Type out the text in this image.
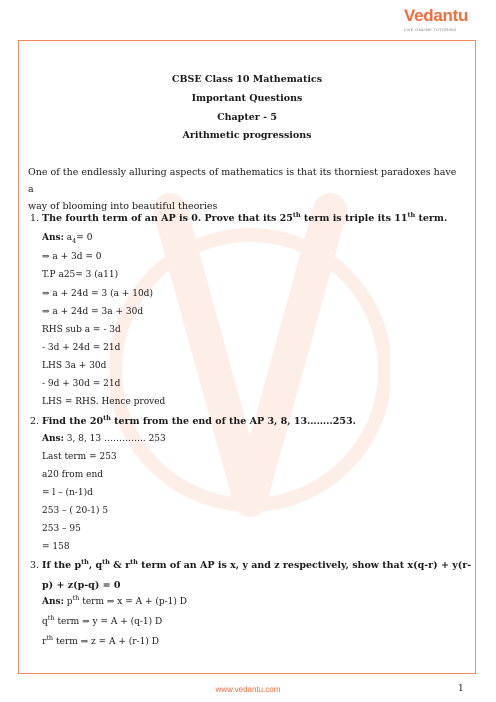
Vedantu
LIVE ONLINE TUTORING
CBSE Class 10 Mathematics
Important Questions
Chapter - 5
Arithmetic progressions
One of the endlessly alluring aspects of mathematics is that its thorniest paradoxes have a
way of blooming into beautiful theories
1. The fourth term of an AP is 0. Prove that its 25th term is triple its 11th term.
Ans: $a_4= 0$
⇒ a + 3d = 0
T.P a25= 3 (a11)
⇒ a + 24d = 3 (a + 10d)
⇒ a + 24d = 3a + 30d
RHS sub a = - 3d
- 3d + 24d = 21d
LHS 3a + 30d
- 9d + 30d = 21d
LHS = RHS. Hence proved
2. Find the 20th term from the end of the AP 3, 8, 13……..253.
Ans: 3, 8, 13 ………….. 253
Last term = 253
a20 from end
= l – (n-1)d
253 – ( 20-1) 5
253 – 95
= 158
3. If the $p^{th}$, $q^{th}$ & $r^{th}$ term of an AP is x, y and z respectively, show that x(q-r) + y(r-p) + z(p-q) = 0
Ans: $p^{th}$ term ⇒ x = A + (p-1) D
$q^{th}$ term ⇒ y = A + (q-1) D
$r^{th}$ term ⇒ z = A + (r-1) D
www.vedantu.com	1
